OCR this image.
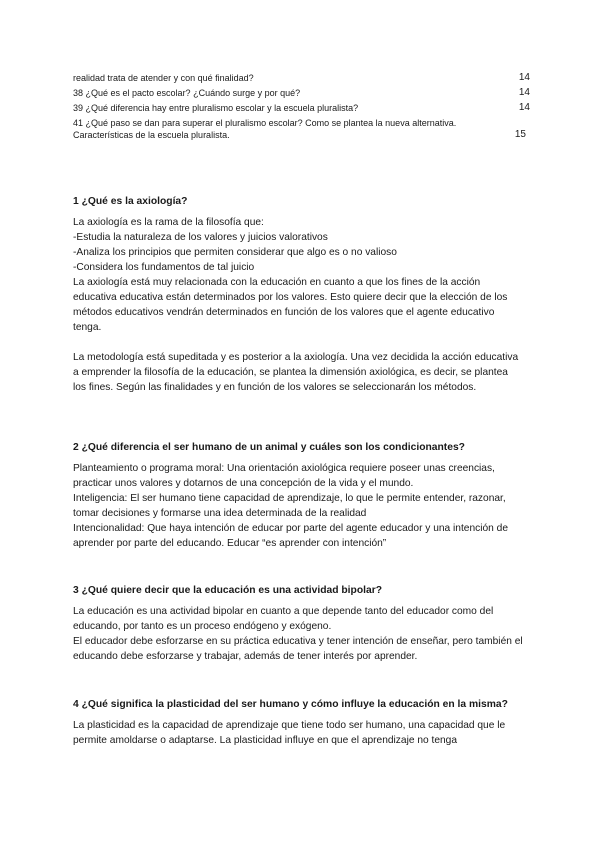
realidad trata de atender y con qué finalidad?	14
38 ¿Qué es el pacto escolar? ¿Cuándo surge y por qué?	14
39 ¿Qué diferencia hay entre pluralismo escolar y la escuela pluralista?	14
41 ¿Qué paso se dan para superar el pluralismo escolar? Como se plantea la nueva alternativa. Características de la escuela pluralista.	15

1 ¿Qué es la axiología?

La axiología es la rama de la filosofía que:

-Estudia la naturaleza de los valores y juicios valorativos

-Analiza los principios que permiten considerar que algo es o no valioso

-Considera los fundamentos de tal juicio

La axiología está muy relacionada con la educación en cuanto a que los fines de la acción educativa educativa están determinados por los valores. Esto quiere decir que la elección de los métodos educativos vendrán determinados en función de los valores que el agente educativo tenga.

La metodología está supeditada y es posterior a la axiología. Una vez decidida la acción educativa a emprender la filosofía de la educación, se plantea la dimensión axiológica, es decir, se plantea los fines. Según las finalidades y en función de los valores se seleccionarán los métodos.

2 ¿Qué diferencia el ser humano de un animal y cuáles son los condicionantes?

Planteamiento o programa moral: Una orientación axiológica requiere poseer unas creencias, practicar unos valores y dotarnos de una concepción de la vida y el mundo.

Inteligencia: El ser humano tiene capacidad de aprendizaje, lo que le permite entender, razonar, tomar decisiones y formarse una idea determinada de la realidad

Intencionalidad: Que haya intención de educar por parte del agente educador y una intención de aprender por parte del educando. Educar “es aprender con intención”

3 ¿Qué quiere decir que la educación es una actividad bipolar?

La educación es una actividad bipolar en cuanto a que depende tanto del educador como del educando, por tanto es un proceso endógeno y exógeno.

El educador debe esforzarse en su práctica educativa y tener intención de enseñar, pero también el educando debe esforzarse y trabajar, además de tener interés por aprender.

4 ¿Qué significa la plasticidad del ser humano y cómo influye la educación en la misma?

La plasticidad es la capacidad de aprendizaje que tiene todo ser humano, una capacidad que le permite amoldarse o adaptarse. La plasticidad influye en que el aprendizaje no tenga
